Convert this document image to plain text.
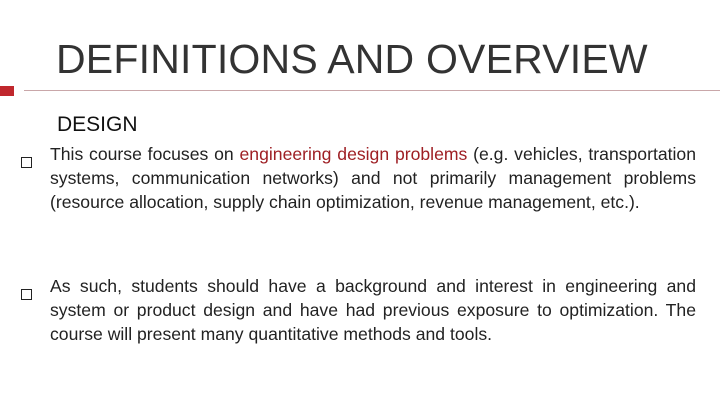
DEFINITIONS AND OVERVIEW
DESIGN
This course focuses on engineering design problems (e.g. vehicles, transportation systems, communication networks) and not primarily management problems (resource allocation, supply chain optimization, revenue management, etc.).
As such, students should have a background and interest in engineering and system or product design and have had previous exposure to optimization. The course will present many quantitative methods and tools.
